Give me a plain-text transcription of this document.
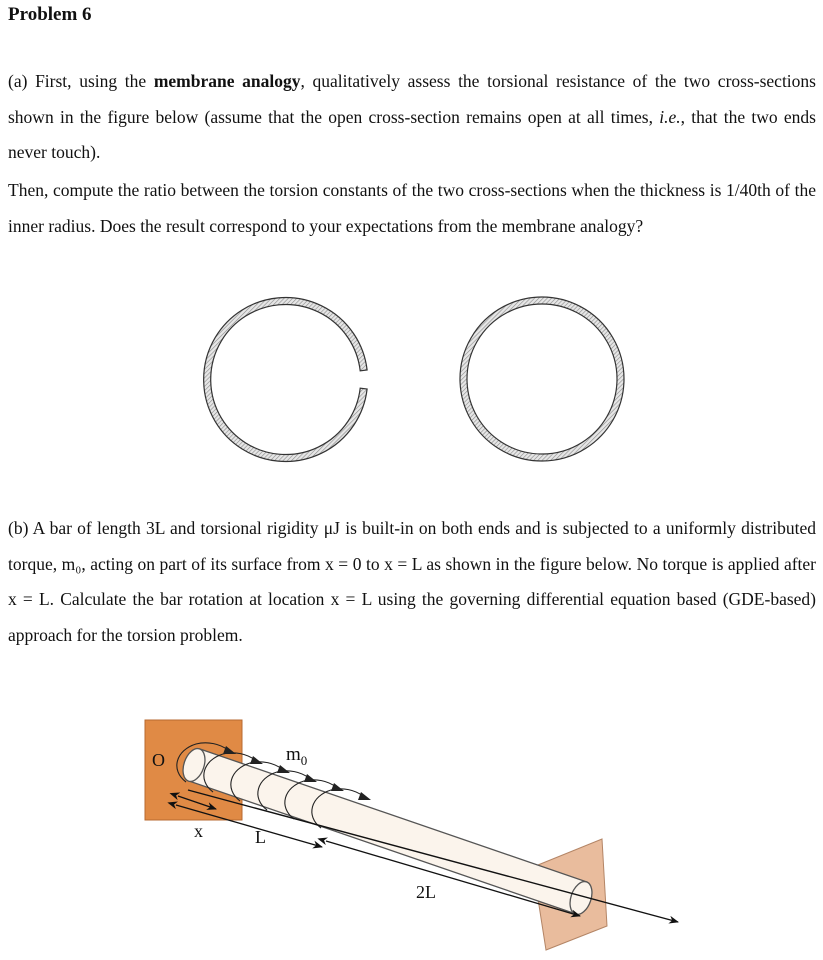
Problem 6

(a) First, using the membrane analogy, qualitatively assess the torsional resistance of the two cross-sections shown in the figure below (assume that the open cross-section remains open at all times, i.e., that the two ends never touch).

Then, compute the ratio between the torsion constants of the two cross-sections when the thickness is 1/40th of the inner radius. Does the result correspond to your expectations from the membrane analogy?

(b) A bar of length 3L and torsional rigidity μJ is built-in on both ends and is subjected to a uniformly distributed torque, m₀, acting on part of its surface from x = 0 to x = L as shown in the figure below. No torque is applied after x = L. Calculate the bar rotation at location x = L using the governing differential equation based (GDE-based) approach for the torsion problem.

O	$m_0$
x	L
2L
